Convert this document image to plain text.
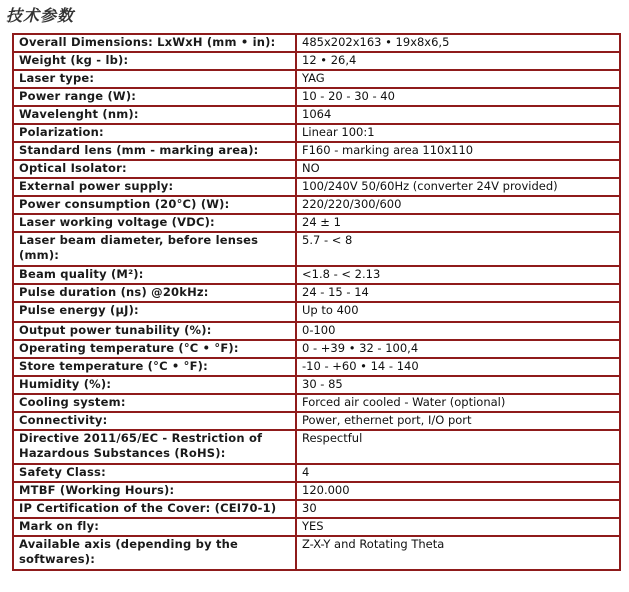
技术参数
Overall Dimensions: LxWxH (mm • in):	485x202x163 • 19x8x6,5
Weight (kg - lb):	12 • 26,4
Laser type:	YAG
Power range (W):	10 - 20 - 30 - 40
Wavelenght (nm):	1064
Polarization:	Linear 100:1
Standard lens (mm - marking area):	F160 - marking area 110x110
Optical Isolator:	NO
External power supply:	100/240V 50/60Hz (converter 24V provided)
Power consumption (20°C) (W):	220/220/300/600
Laser working voltage (VDC):	24 ± 1
Laser beam diameter, before lenses (mm):	5.7 - < 8
Beam quality (M²):	<1.8 - < 2.13
Pulse duration (ns) @20kHz:	24 - 15 - 14
Pulse energy (μJ):	Up to 400
Output power tunability (%):	0-100
Operating temperature (°C • °F):	0 - +39 • 32 - 100,4
Store temperature (°C • °F):	-10 - +60 • 14 - 140
Humidity (%):	30 - 85
Cooling system:	Forced air cooled - Water (optional)
Connectivity:	Power, ethernet port, I/O port
Directive 2011/65/EC - Restriction of Hazardous Substances (RoHS):	Respectful
Safety Class:	4
MTBF (Working Hours):	120.000
IP Certification of the Cover: (CEI70-1)	30
Mark on fly:	YES
Available axis (depending by the softwares):	Z-X-Y and Rotating Theta
